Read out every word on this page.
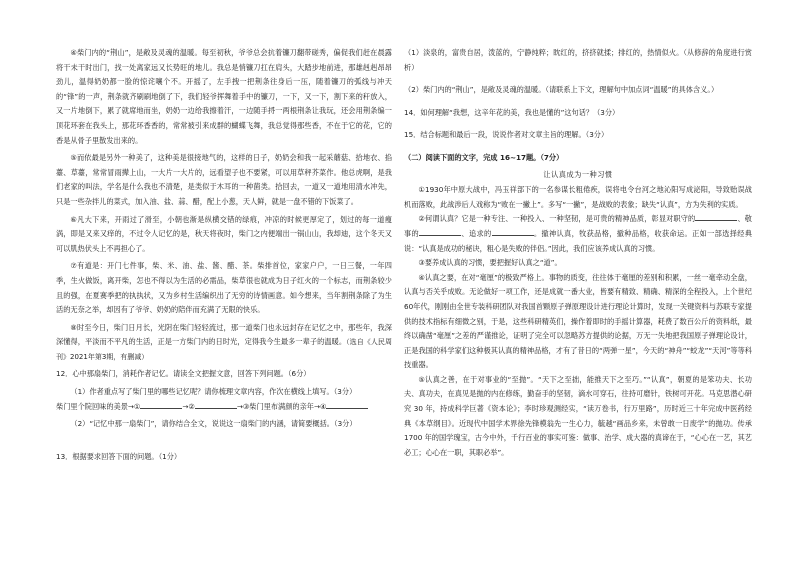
④柴门内的“荆山”，是敞及灵魂的温暖。每至初秋，爷爷总会抗着镰刀翻带磋秀，偏促我们赶在晨露将干未干时出门，找一处离家远又长势旺的地儿。我总是悄镰刀扛在肩头，大踏步地前进，那雄赳赳昂昂劲儿，温得奶奶都一脸的惊诧嚷个不。开摇了，左手拽一把荆条往身后一压，随着镰刀的弧线与冲天的“锋”的一声，荆条就齐刷刷地倒了下，我们轻爷挥舞着手中的镰刀，一下，又一下，割下来的秆放入，又一片地倒下，累了就席地而坐，奶奶一边给我擦着汗，一边随手捋一两根荆条让我玩，还会用荆条编一顶花环套在我头上，那花环香香的，常常被引来成群的蝴蝶飞舞，我总觉得那些香，不在于它的花，它的香是从骨子里散发出来的。

⑤而依最是另外一种美了，这种美是很接地气的，这样的日子，奶奶会和我一起采蘑菇、拾地衣、掐薹、草薹，常常冒雨撵上山，一大片一大片的，远看望子也不要紧，可以用草秤芥菜作。他总虎啊，是我们老家的叫法，学名是什么我也不清楚，是类似于木耳的一种菌类。拾回去，一道又一道地用清水冲先，只是一些杂拌儿的菜式，加入油、盐、蒜、醋，配上小葱，天人鲜，就是一盘不错的下饭菜了。

⑥凡大下来，开雨过了滑至，小朝也渐是纵横交错的绿痕，冲凉的时候更厚定了，划过的每一道瘦涡，即是又来又痒的，不过令人记忆的是，秋天将夜时，柴门之内便端出一锅山山，我却迪，这个冬天又可以肌热伏头上不再担心了。

⑦有道是：开门七件事，柴、米、油、盐、酱、醋、茶。柴排首位，家家户户，一日三餐，一年四季，生火做饭，离开柴，怎也不得以为生活的必需品，柴草很也就成为日子红火的一个标志，而荆条较少且的强，在夏赛季把的执执状，又为乡村生活编织出了无穷的诗情画意。如今想来，当年割荆条除了为生活的无奈之举，却因有了爷爷、奶奶的陪伴而充满了无限的快乐。

⑧时至今日，柴门日月长，光阴在柴门轻轻流过，那一道柴门也永远封存在记忆之中，那些年，我深深懂得，平淡而不平凡的生活，正是一方柴门内的日时光，定得我今生最多一辈子的温暖。（选自《人民周刊》2021年第3期，有删减）

12．心中那扇柴门，消耗作者记忆。请读全文把握文意，回答下列问题。（6分）

（1）作者重点写了柴门里的哪些记忆呢？请你梳理文章内容，作次在横线上填写。（3分）

柴门里个院回味的美景→①	→②	→③柴门里布满颜的亲年→④

（2）“记忆中那一扇柴门”，请你结合全文，说说这一扇柴门的内涵，请简要概括。（3分）

13．根据要求回答下面的问题。（1分）

（1）淡泉的，富贵自居，泼蓝的，宁静纯粹；眈红的，挤挤就揉；排红的，热情似火。（从修辞的角度进行赏析）

（2）柴门内的“荆山”，是敞及灵魂的温暖。（请联系上下文，理解句中加点词“温暖”的具体含义。）

14．如何理解“我想，这辛年花的美，我也是懂的”这句话？（3分）

15．结合标题和最后一段，说说作者对文章主旨的理解。（3分）

（二）阅读下面的文字，完成 16~17题。（7分）

让认真成为一种习惯

①1930年中原大战中，冯玉祥部下的一名参谋长粗倦疾，误将电令台河之地沁阳写成泌阳，导致贻误战机而落败，此战涉后人戏称为“败在一撇上”。多写“一撇”，是战败的表象；缺失“认真”，方为失利的实质。

②何谓认真？它是一种专注、一种投入、一种坚韧，是可贵的精神品质，彰显对职守的	、敬事的	、追求的	。撤神认真，牧获品格，撤种品格，收获命运。正如一部选择经典说：“认真是成功的秘诀，粗心是失败的伴侣。”因此，我们应该养成认真的习惯。

③要养成认真的习惯，要把握好认真之“道”。

④认真之要，在对“毫厘”的极致严格上。事物的质变，往往体于毫厘的差别和积累，一丝一毫牵动全盘，认真与否关乎成败。无论做好一项工作，还是成就一番大业，皆要有精致、精确、精深的全程投入，上个世纪60年代，刚刚由全世专装科研团队对我国首颗原子弹原理设计进行理论计算时，发现一关键资料与苏联专家提供的技术指标有细微之别，于是，这些科研精英们，操作着即时的手摇计算器，耗费了数百公斤的资料纸，最终以确凿“毫厘”之差的严谨推论，证明了完全可以忽略苏方提供的论据，万无一失地把我国原子弹理论设计，正是我国的科学家们这种极其认真的精神品格，才有了昔日的“两弹一星”，今天的“神舟”“蛟龙”“天河”等等科技重器。

⑤认真之善，在于对事业的“至抛”。“天下之至拙，能推天下之至巧。”“认真”，朝夏的是笨功夫、长功夫、真功夫，在真见是抛的内在修练，勤奋手的坚韧，滴水可穿石，往持可磨针，铁树可开花。马克思潜心研究 30 年，持成科学巨著《资本论》；李时珍观测经实，“读万卷书，行万里路”，历时近三十年完成中医药经典《本草纲目》。近现代中国学术界徐先锋模翁先一生心力，毓越“画品乡来，未曾敢一日废学”的抛功。传承1700 年的国学瑰宝，古今中外，千行百业的事实可鉴：做事、治学、成大器的真谛在于，“心心在一艺，其艺必工；心心在一职，其职必举”。
